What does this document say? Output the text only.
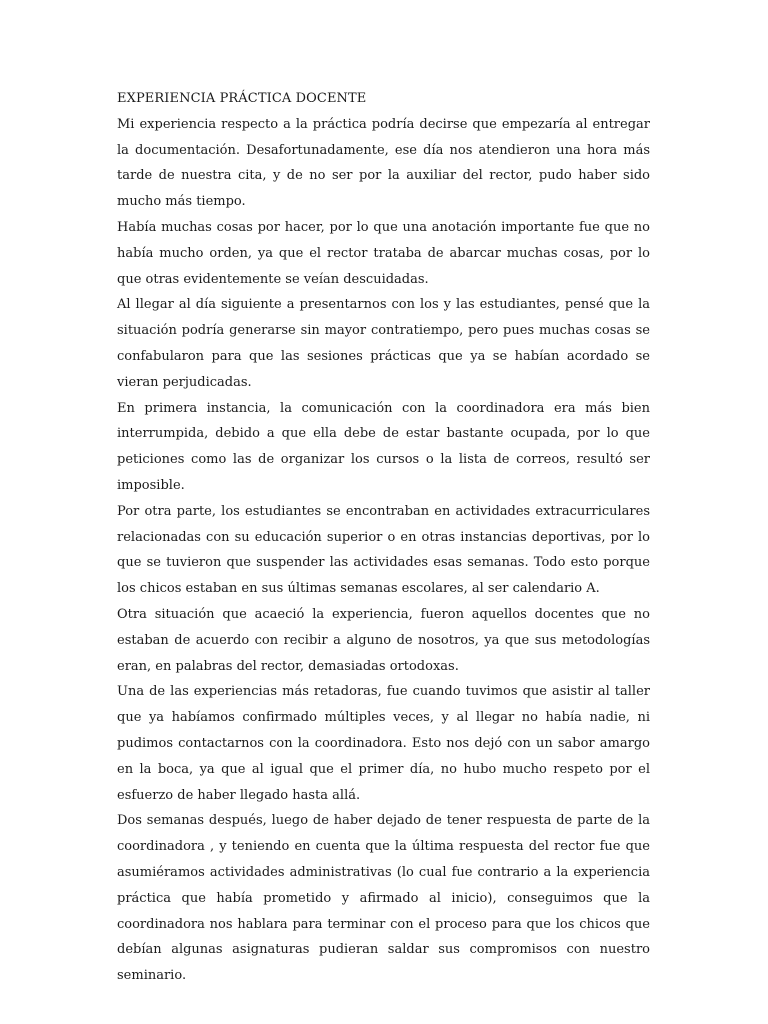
EXPERIENCIA PRÁCTICA DOCENTE

Mi experiencia respecto a la práctica podría decirse que empezaría al entregar la documentación. Desafortunadamente, ese día nos atendieron una hora más tarde de nuestra cita, y de no ser por la auxiliar del rector, pudo haber sido mucho más tiempo.

Había muchas cosas por hacer, por lo que una anotación importante fue que no había mucho orden, ya que el rector trataba de abarcar muchas cosas, por lo que otras evidentemente se veían descuidadas.

Al llegar al día siguiente a presentarnos con los y las estudiantes, pensé que la situación podría generarse sin mayor contratiempo, pero pues muchas cosas se confabularon para que las sesiones prácticas que ya se habían acordado se vieran perjudicadas.

En primera instancia, la comunicación con la coordinadora era más bien interrumpida, debido a que ella debe de estar bastante ocupada, por lo que peticiones como las de organizar los cursos o la lista de correos, resultó ser imposible.

Por otra parte, los estudiantes se encontraban en actividades extracurriculares relacionadas con su educación superior o en otras instancias deportivas, por lo que se tuvieron que suspender las actividades esas semanas. Todo esto porque los chicos estaban en sus últimas semanas escolares, al ser calendario A.

Otra situación que acaeció la experiencia, fueron aquellos docentes que no estaban de acuerdo con recibir a alguno de nosotros, ya que sus metodologías eran, en palabras del rector, demasiadas ortodoxas.

Una de las experiencias más retadoras, fue cuando tuvimos que asistir al taller que ya habíamos confirmado múltiples veces, y al llegar no había nadie, ni pudimos contactarnos con la coordinadora. Esto nos dejó con un sabor amargo en la boca, ya que al igual que el primer día, no hubo mucho respeto por el esfuerzo de haber llegado hasta allá.

Dos semanas después, luego de haber dejado de tener respuesta de parte de la coordinadora , y teniendo en cuenta que la última respuesta del rector fue que asumiéramos actividades administrativas (lo cual fue contrario a la experiencia práctica que había prometido y afirmado al inicio), conseguimos que la coordinadora nos hablara para terminar con el proceso para que los chicos que debían algunas asignaturas pudieran saldar sus compromisos con nuestro seminario.
